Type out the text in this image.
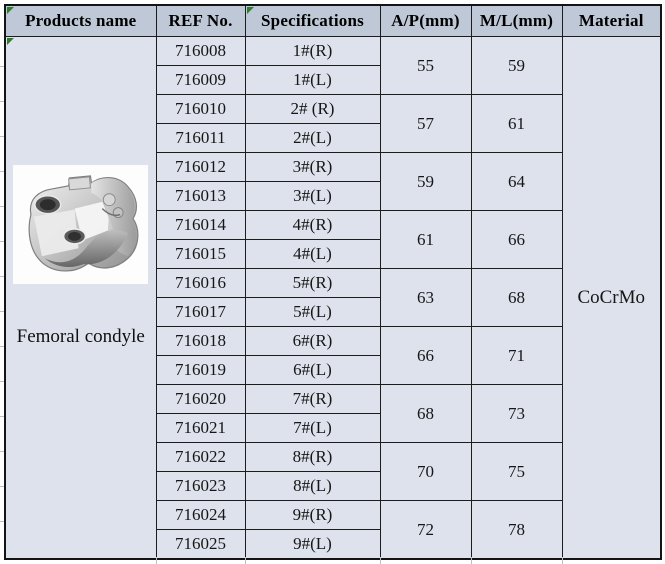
Products name	REF No.	Specifications	A/P(mm)	M/L(mm)	Material

Femoral condyle	716008	1#(R)	55	59	CoCrMo
	716009	1#(L)			
	716010	2# (R)	57	61	
	716011	2#(L)			
	716012	3#(R)	59	64	
	716013	3#(L)			
	716014	4#(R)	61	66	
	716015	4#(L)			
	716016	5#(R)	63	68	
	716017	5#(L)			
	716018	6#(R)	66	71	
	716019	6#(L)			
	716020	7#(R)	68	73	
	716021	7#(L)			
	716022	8#(R)	70	75	
	716023	8#(L)			
	716024	9#(R)	72	78	
	716025	9#(L)			
